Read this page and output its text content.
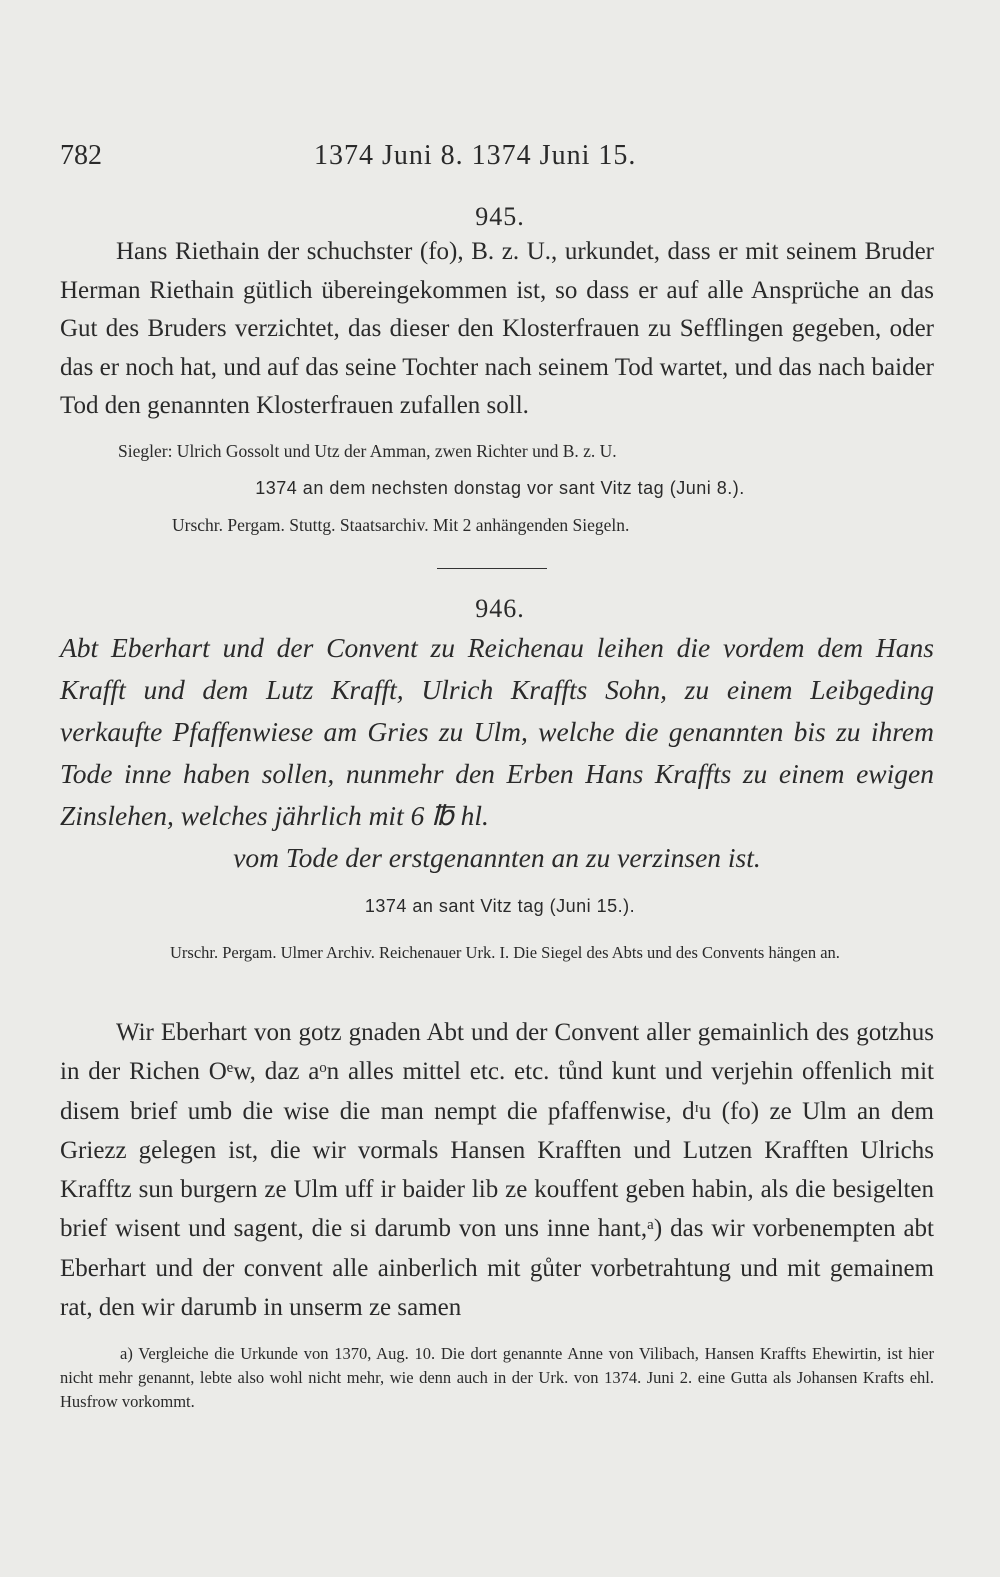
782	1374 Juni 8. 1374 Juni 15.
945.

Hans Riethain der schuchster (fo), B. z. U., urkundet, dass er mit seinem Bruder Herman Riethain gütlich übereingekommen ist, so dass er auf alle Ansprüche an das Gut des Bruders verzichtet, das dieser den Klosterfrauen zu Sefflingen gegeben, oder das er noch hat, und auf das seine Tochter nach seinem Tod wartet, und das nach baider Tod den genannten Klosterfrauen zufallen soll.

Siegler: Ulrich Gossolt und Utz der Amman, zwen Richter und B. z. U.
1374 an dem nechsten donstag vor sant Vitz tag (Juni 8.).
Urschr. Pergam. Stuttg. Staatsarchiv. Mit 2 anhängenden Siegeln.
946.

Abt Eberhart und der Convent zu Reichenau leihen die vordem dem Hans Krafft und dem Lutz Krafft, Ulrich Kraffts Sohn, zu einem Leibgeding verkaufte Pfaffenwiese am Gries zu Ulm, welche die genannten bis zu ihrem Tode inne haben sollen, nunmehr den Erben Hans Kraffts zu einem ewigen Zinslehen, welches jährlich mit 6 ℔ hl.

vom Tode der erstgenannten an zu verzinsen ist.

1374 an sant Vitz tag (Juni 15.).

Urschr. Pergam. Ulmer Archiv. Reichenauer Urk. I. Die Siegel des Abts und des Convents hängen an.

Wir Eberhart von gotz gnaden Abt und der Convent aller gemainlich des gotzhus in der Richen Oᵉw, daz aᵒn alles mittel etc. etc. tůnd kunt und verjehin offenlich mit disem brief umb die wise die man nempt die pfaffenwise, dᶦu (fo) ze Ulm an dem Griezz gelegen ist, die wir vormals Hansen Krafften und Lutzen Krafften Ulrichs Krafftz sun burgern ze Ulm uff ir baider lib ze kouffent geben habin, als die besigelten brief wisent und sagent, die si darumb von uns inne hant,ᵃ) das wir vorbenempten abt Eberhart und der convent alle ainberlich mit gůter vorbetrahtung und mit gemainem rat, den wir darumb in unserm ze samen

a) Vergleiche die Urkunde von 1370, Aug. 10. Die dort genannte Anne von Vilibach, Hansen Kraffts Ehewirtin, ist hier nicht mehr genannt, lebte also wohl nicht mehr, wie denn auch in der Urk. von 1374. Juni 2. eine Gutta als Johansen Krafts ehl. Husfrow vorkommt.
